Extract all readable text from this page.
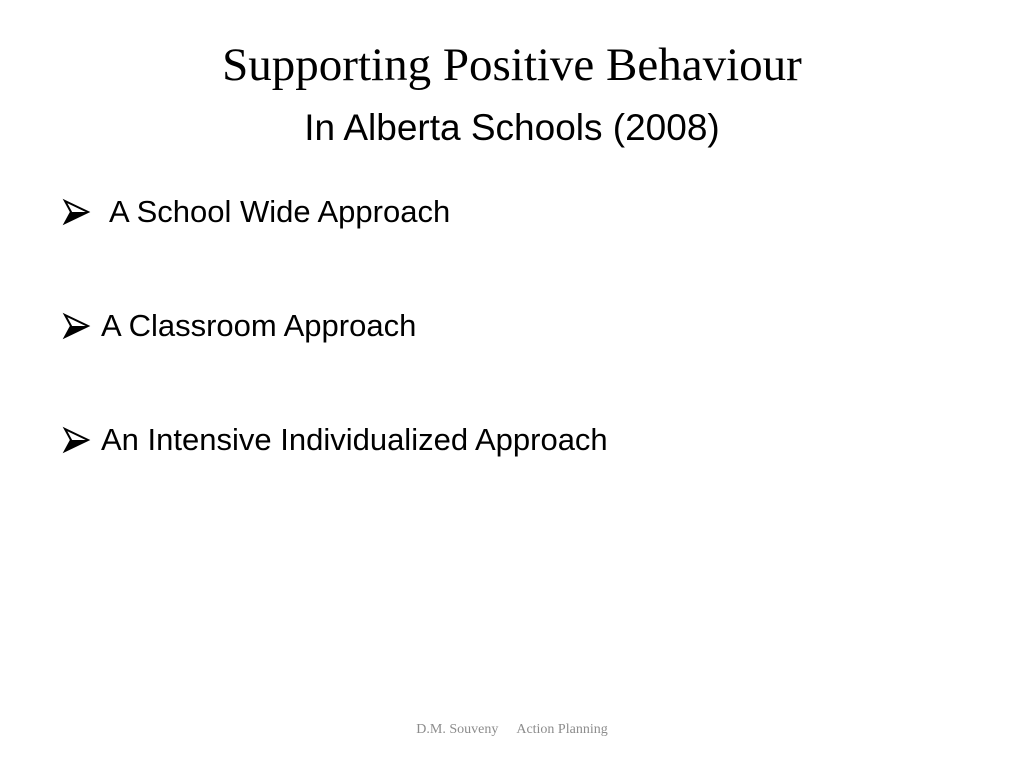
Supporting Positive Behaviour
In Alberta Schools (2008)
A School Wide Approach
A Classroom Approach
An Intensive Individualized Approach
D.M. Souveny Action Planning
